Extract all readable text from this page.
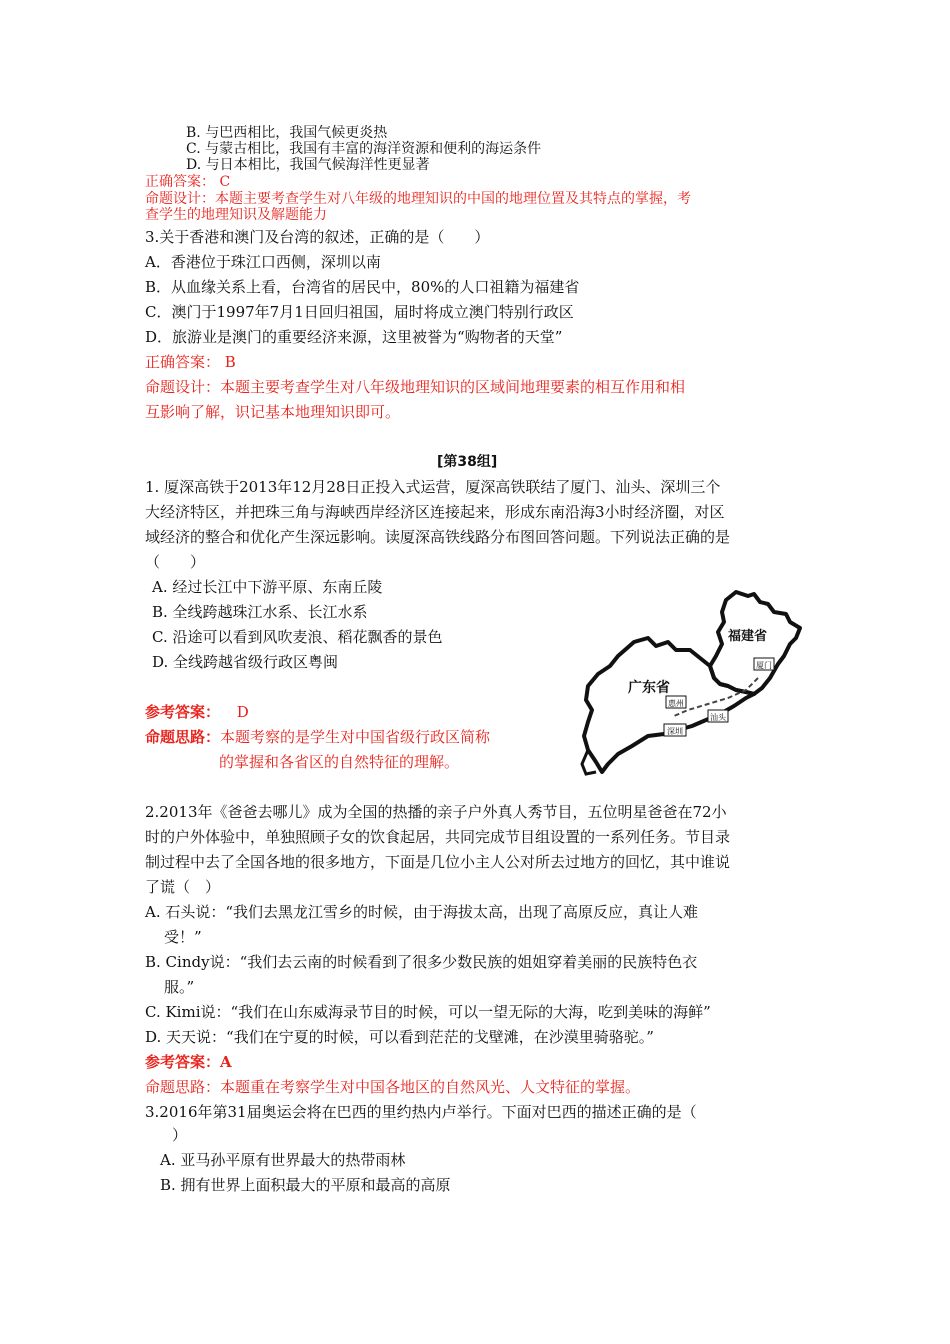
B. 与巴西相比，我国气候更炎热
C. 与蒙古相比，我国有丰富的海洋资源和便利的海运条件
D. 与日本相比，我国气候海洋性更显著
正确答案： C
命题设计：本题主要考查学生对八年级的地理知识的中国的地理位置及其特点的掌握，考
查学生的地理知识及解题能力
3.关于香港和澳门及台湾的叙述，正确的是（　　）
A．香港位于珠江口西侧，深圳以南
B．从血缘关系上看，台湾省的居民中，80%的人口祖籍为福建省
C．澳门于1997年7月1日回归祖国，届时将成立澳门特别行政区
D．旅游业是澳门的重要经济来源，这里被誉为“购物者的天堂”
正确答案： B
命题设计：本题主要考查学生对八年级地理知识的区域间地理要素的相互作用和相
互影响了解，识记基本地理知识即可。
[第38组]
1. 厦深高铁于2013年12月28日正投入式运营，厦深高铁联结了厦门、汕头、深圳三个
大经济特区，并把珠三角与海峡西岸经济区连接起来，形成东南沿海3小时经济圈，对区
域经济的整合和优化产生深远影响。读厦深高铁线路分布图回答问题。下列说法正确的是
（　　）
A. 经过长江中下游平原、东南丘陵
B. 全线跨越珠江水系、长江水系
C. 沿途可以看到风吹麦浪、稻花飘香的景色
D. 全线跨越省级行政区粤闽
参考答案： D
命题思路：本题考察的是学生对中国省级行政区简称
的掌握和各省区的自然特征的理解。
福建省
广东省
厦门
惠州
汕头
深圳
2.2013年《爸爸去哪儿》成为全国的热播的亲子户外真人秀节目，五位明星爸爸在72小
时的户外体验中，单独照顾子女的饮食起居，共同完成节目组设置的一系列任务。节目录
制过程中去了全国各地的很多地方，下面是几位小主人公对所去过地方的回忆，其中谁说
了谎（　）
A. 石头说：“我们去黑龙江雪乡的时候，由于海拔太高，出现了高原反应，真让人难
受！”
B. Cindy说：“我们去云南的时候看到了很多少数民族的姐姐穿着美丽的民族特色衣
服。”
C. Kimi说：“我们在山东威海录节目的时候，可以一望无际的大海，吃到美味的海鲜”
D. 天天说：“我们在宁夏的时候，可以看到茫茫的戈壁滩，在沙漠里骑骆驼。”
参考答案：A
命题思路：本题重在考察学生对中国各地区的自然风光、人文特征的掌握。
3.2016年第31届奥运会将在巴西的里约热内卢举行。下面对巴西的描述正确的是（
）
A. 亚马孙平原有世界最大的热带雨林
B. 拥有世界上面积最大的平原和最高的高原
